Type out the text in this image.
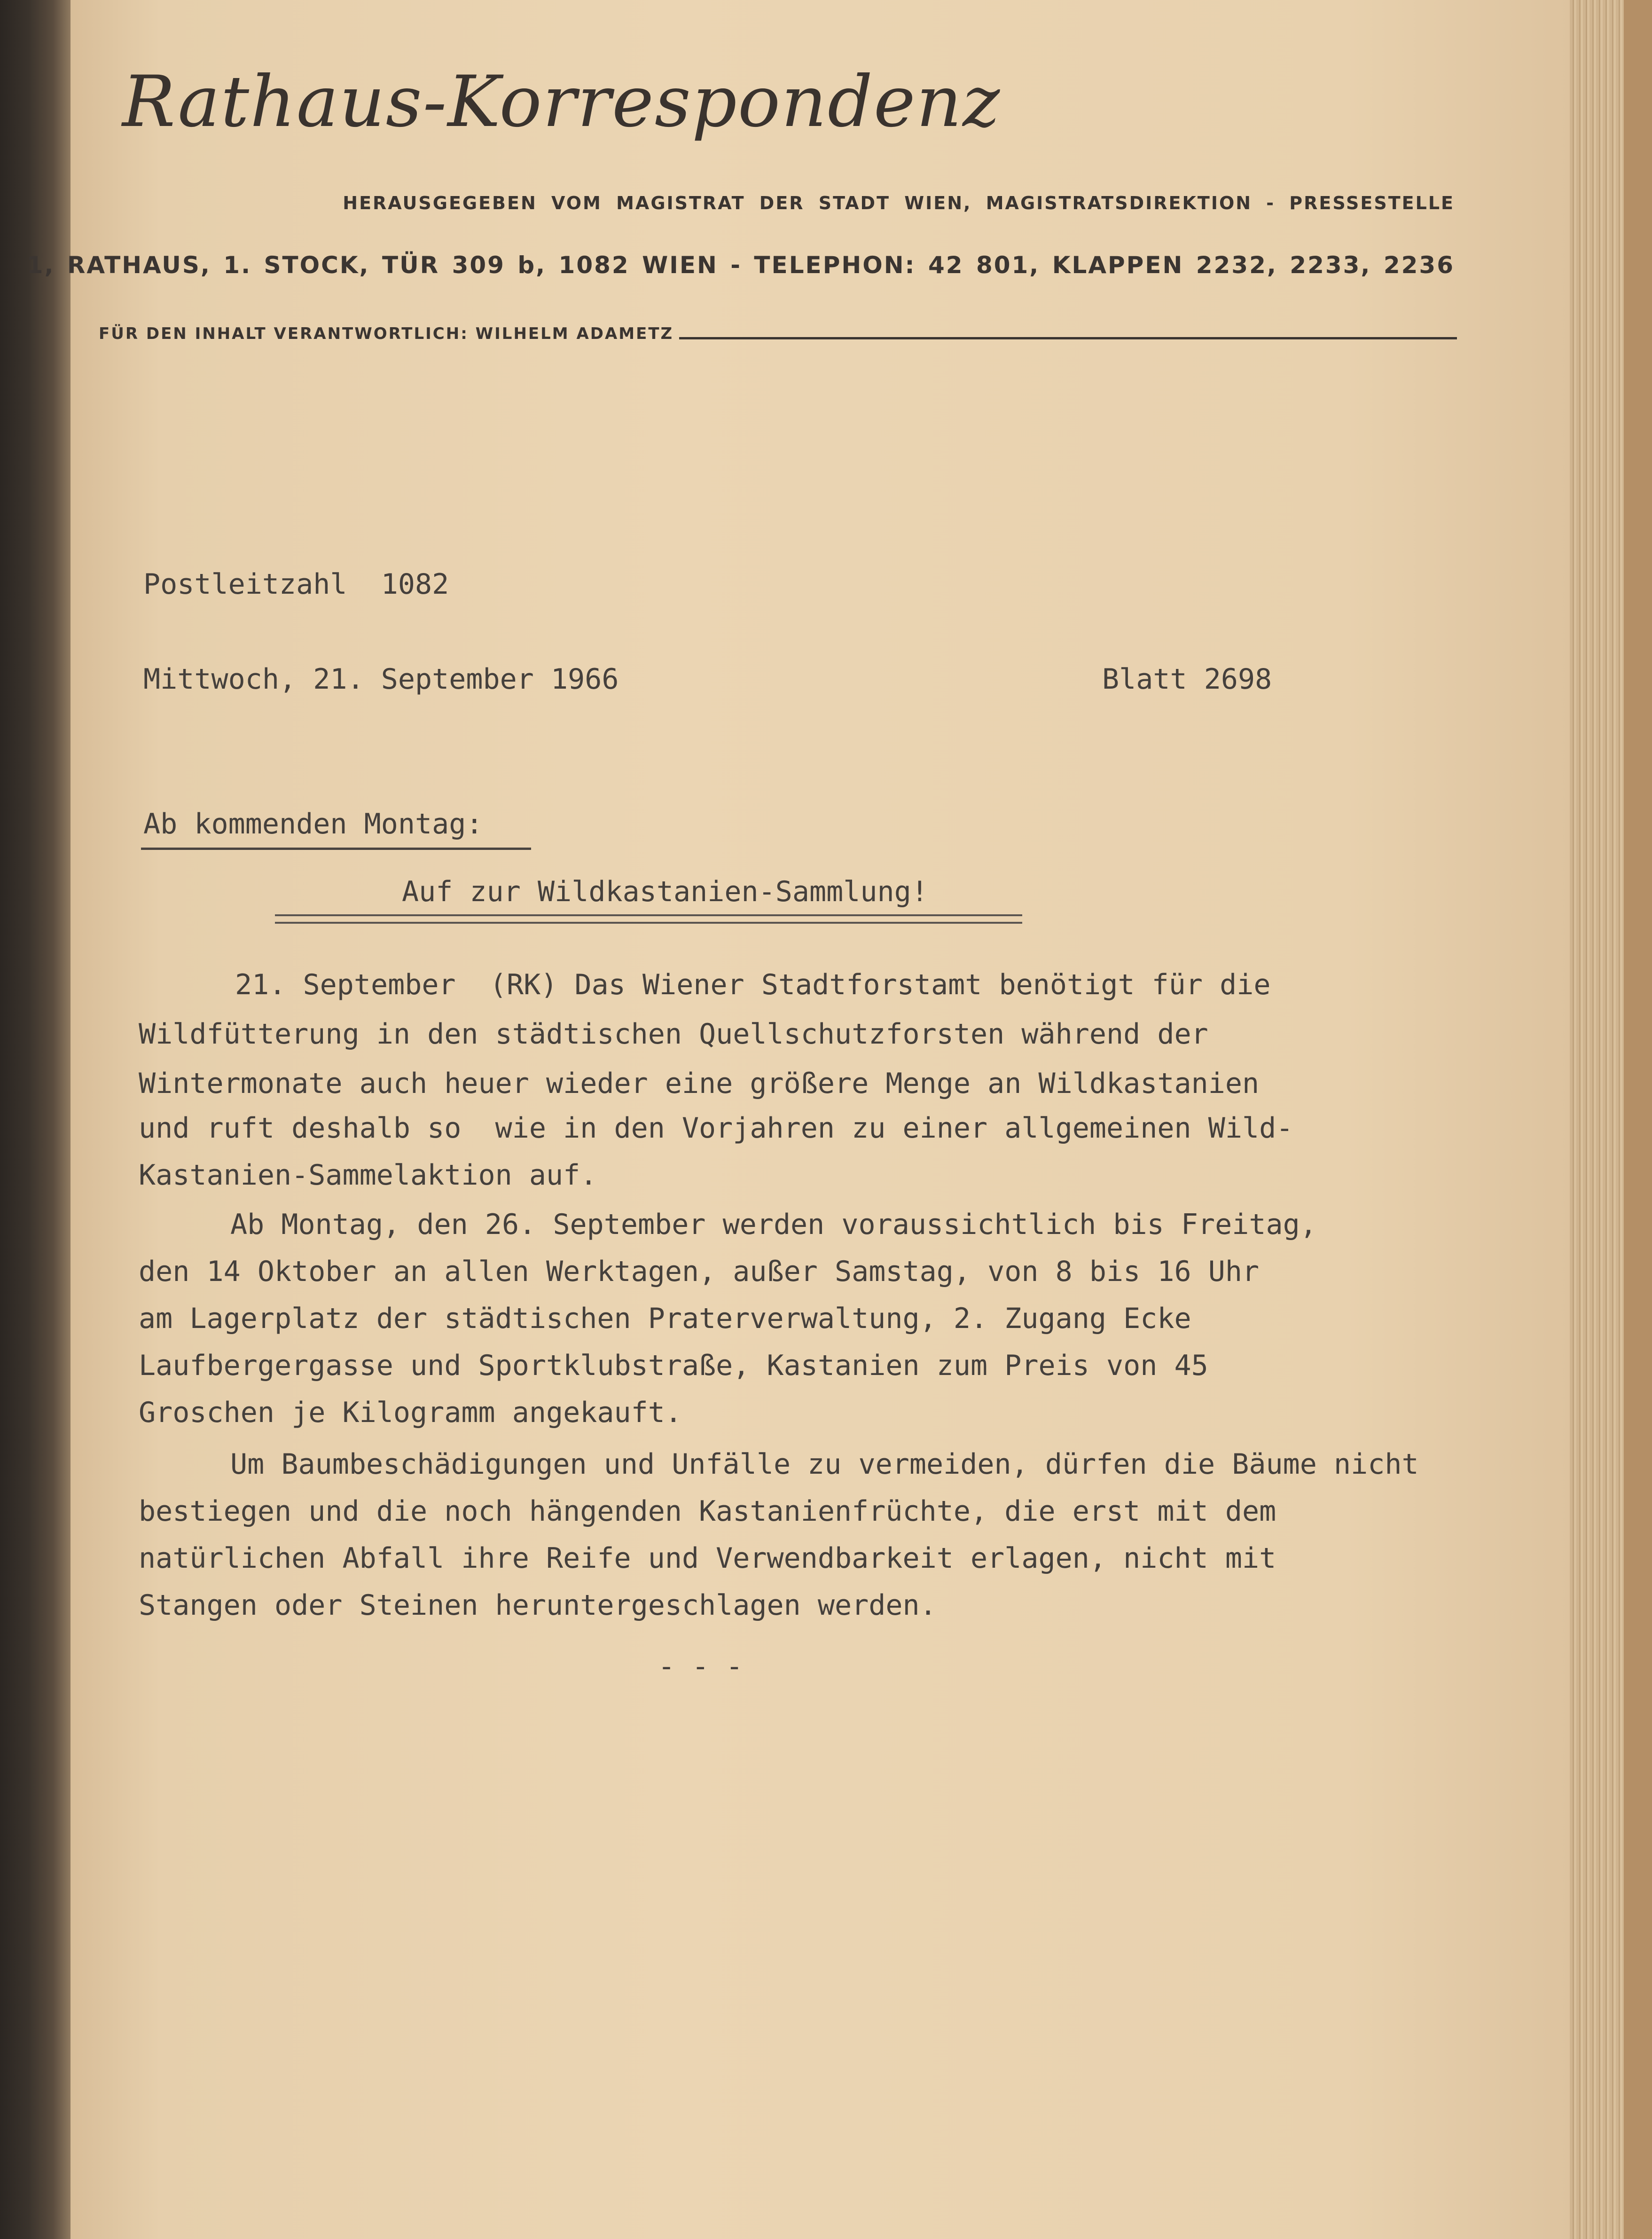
Rathaus-Korrespondenz
HERAUSGEGEBEN VOM MAGISTRAT DER STADT WIEN, MAGISTRATSDIREKTION - PRESSESTELLE
1, RATHAUS, 1. STOCK, TÜR 309 b, 1082 WIEN - TELEPHON: 42 801, KLAPPEN 2232, 2233, 2236
FÜR DEN INHALT VERANTWORTLICH: WILHELM ADAMETZ
Postleitzahl  1082
Mittwoch, 21. September 1966	Blatt 2698
Ab kommenden Montag:
Auf zur Wildkastanien-Sammlung!
21. September  (RK) Das Wiener Stadtforstamt benötigt für die
Wildfütterung in den städtischen Quellschutzforsten während der
Wintermonate auch heuer wieder eine größere Menge an Wildkastanien
und ruft deshalb so  wie in den Vorjahren zu einer allgemeinen Wild-
Kastanien-Sammelaktion auf.
Ab Montag, den 26. September werden voraussichtlich bis Freitag,
den 14 Oktober an allen Werktagen, außer Samstag, von 8 bis 16 Uhr
am Lagerplatz der städtischen Praterverwaltung, 2. Zugang Ecke
Laufbergergasse und Sportklubstraße, Kastanien zum Preis von 45
Groschen je Kilogramm angekauft.
Um Baumbeschädigungen und Unfälle zu vermeiden, dürfen die Bäume nicht
bestiegen und die noch hängenden Kastanienfrüchte, die erst mit dem
natürlichen Abfall ihre Reife und Verwendbarkeit erlagen, nicht mit
Stangen oder Steinen heruntergeschlagen werden.
- - -
